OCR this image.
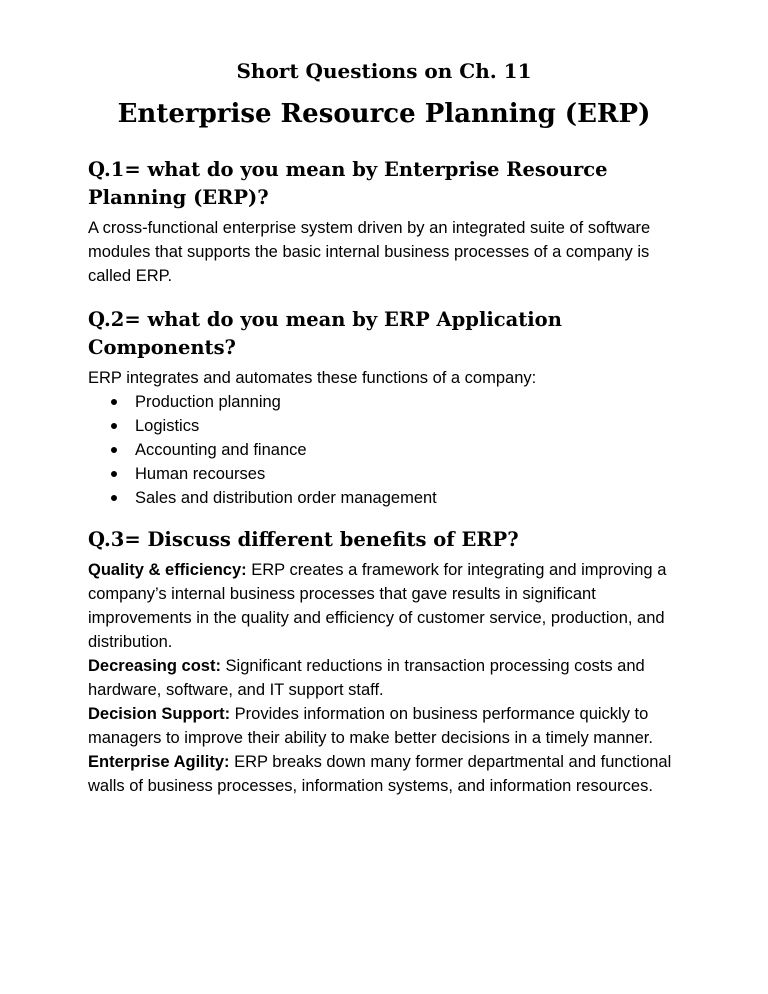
Short Questions on Ch. 11
Enterprise Resource Planning (ERP)
Q.1= what do you mean by Enterprise Resource Planning (ERP)?
A cross-functional enterprise system driven by an integrated suite of software modules that supports the basic internal business processes of a company is called ERP.
Q.2= what do you mean by ERP Application Components?
ERP integrates and automates these functions of a company:
Production planning
Logistics
Accounting and finance
Human recourses
Sales and distribution order management
Q.3= Discuss different benefits of ERP?

Quality & efficiency: ERP creates a framework for integrating and improving a company’s internal business processes that gave results in significant improvements in the quality and efficiency of customer service, production, and distribution.

Decreasing cost: Significant reductions in transaction processing costs and hardware, software, and IT support staff.

Decision Support: Provides information on business performance quickly to managers to improve their ability to make better decisions in a timely manner.

Enterprise Agility: ERP breaks down many former departmental and functional walls of business processes, information systems, and information resources.
